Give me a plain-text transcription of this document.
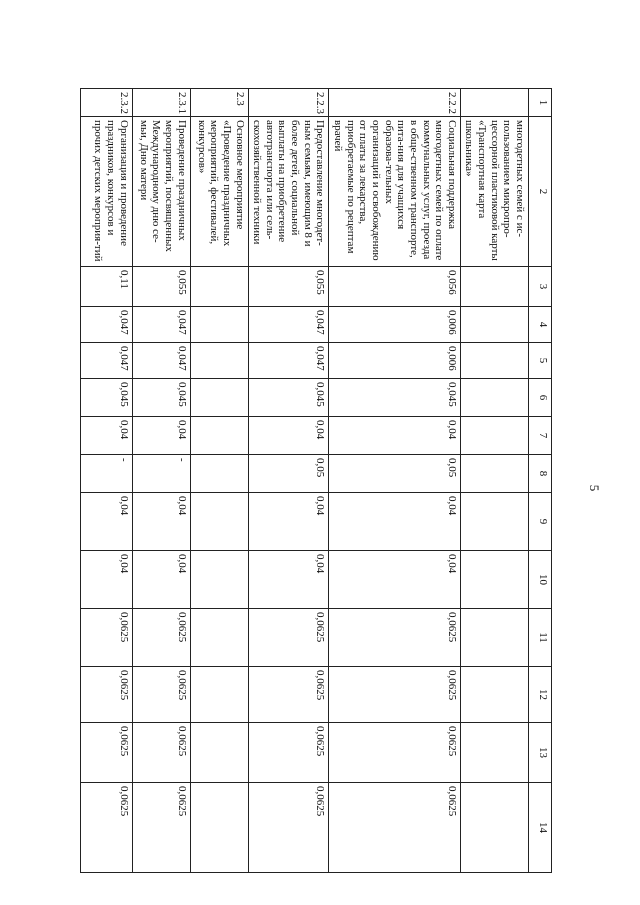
5
1	2	3	4	5	6	7	8	9	10	11	12	13	14
	многодетных семей с ис-пользованием микропро-цессорной пластиковой карты «Транспортная карта школьника»												
2.2.2	Социальная поддержка многодетных семей по оплате коммунальных услуг, проезда в обще-ственном транспорте, пита-ния для учащихся образова-тельных организаций и освобождению от платы за лекарства, приобретаемые по рецептам врачей	0,056	0,006	0,006	0,045	0,04	0,05	0,04	0,04	0,0625	0,0625	0,0625	0,0625
2.2.3	Предоставление многодет-ным семьям, имеющим 8 и более детей, социальной выплаты на приобретение автотранспорта или сель-скохозяйственной техники	0,055	0,047	0,047	0,045	0,04	0,05	0,04	0,04	0,0625	0,0625	0,0625	0,0625
2.3	Основное мероприятие «Проведение праздничных мероприятий, фестивалей, конкурсов»												
2.3.1	Проведение праздничных мероприятий, посвященных Международному дню се-мьи, Дню матери	0,055	0,047	0,047	0,045	0,04	-	0,04	0,04	0,0625	0,0625	0,0625	0,0625
2.3.2	Организация и проведение праздников, конкурсов и прочих детских мероприя-тий	0,11	0,047	0,047	0,045	0,04	-	0,04	0,04	0,0625	0,0625	0,0625	0,0625
